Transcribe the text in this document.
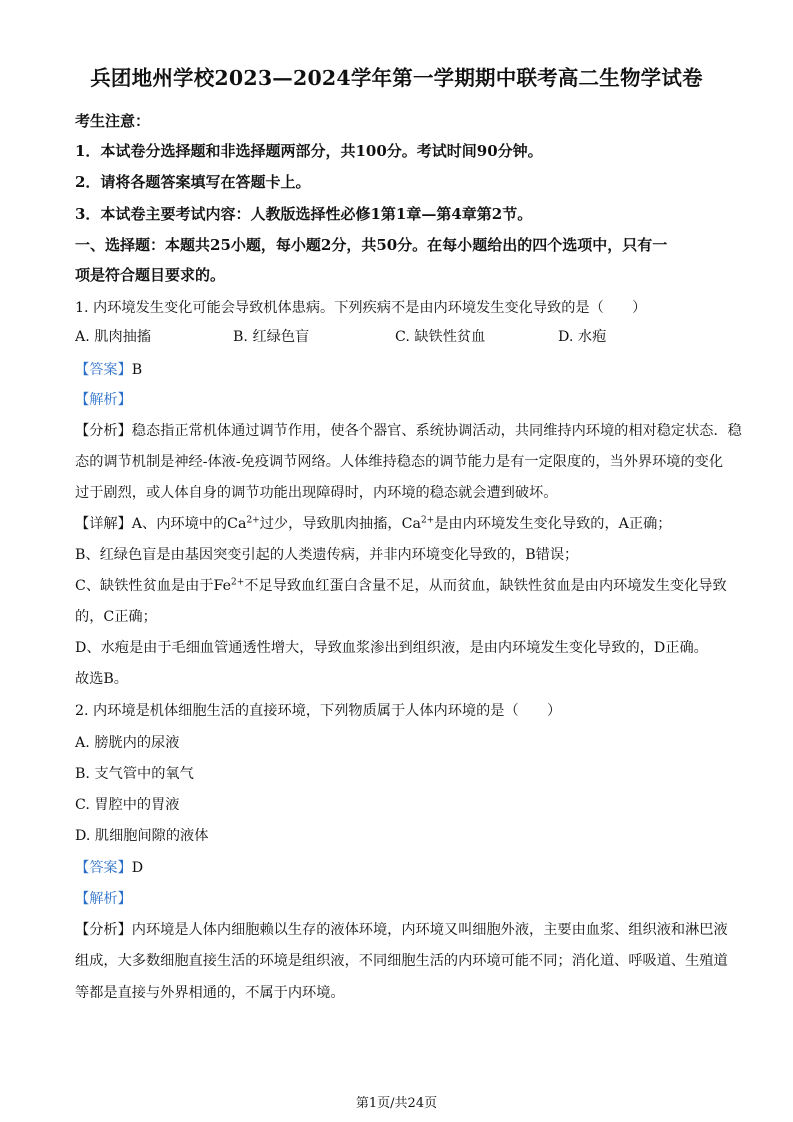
兵团地州学校2023—2024学年第一学期期中联考高二生物学试卷
考生注意：
1．本试卷分选择题和非选择题两部分，共100分。考试时间90分钟。
2．请将各题答案填写在答题卡上。
3．本试卷主要考试内容：人教版选择性必修1第1章—第4章第2节。
一、选择题：本题共25小题，每小题2分，共50分。在每小题给出的四个选项中，只有一
项是符合题目要求的。
1. 内环境发生变化可能会导致机体患病。下列疾病不是由内环境发生变化导致的是（　　）
A. 肌肉抽搐	B. 红绿色盲	C. 缺铁性贫血	D. 水疱
【答案】B
【解析】
【分析】稳态指正常机体通过调节作用，使各个器官、系统协调活动，共同维持内环境的相对稳定状态．稳
态的调节机制是神经-体液-免疫调节网络。人体维持稳态的调节能力是有一定限度的，当外界环境的变化
过于剧烈，或人体自身的调节功能出现障碍时，内环境的稳态就会遭到破坏。
【详解】A、内环境中的$Ca^{2+}$过少，导致肌肉抽搐，$Ca^{2+}$是由内环境发生变化导致的，A正确；
B、红绿色盲是由基因突变引起的人类遗传病，并非内环境变化导致的，B错误；
C、缺铁性贫血是由于$Fe^{2+}$不足导致血红蛋白含量不足，从而贫血，缺铁性贫血是由内环境发生变化导致
的，C正确；
D、水疱是由于毛细血管通透性增大，导致血浆渗出到组织液，是由内环境发生变化导致的，D正确。
故选B。
2. 内环境是机体细胞生活的直接环境，下列物质属于人体内环境的是（　　）
A. 膀胱内的尿液
B. 支气管中的氧气
C. 胃腔中的胃液
D. 肌细胞间隙的液体
【答案】D
【解析】
【分析】内环境是人体内细胞赖以生存的液体环境，内环境又叫细胞外液，主要由血浆、组织液和淋巴液
组成，大多数细胞直接生活的环境是组织液，不同细胞生活的内环境可能不同；消化道、呼吸道、生殖道
等都是直接与外界相通的，不属于内环境。
第1页/共24页
